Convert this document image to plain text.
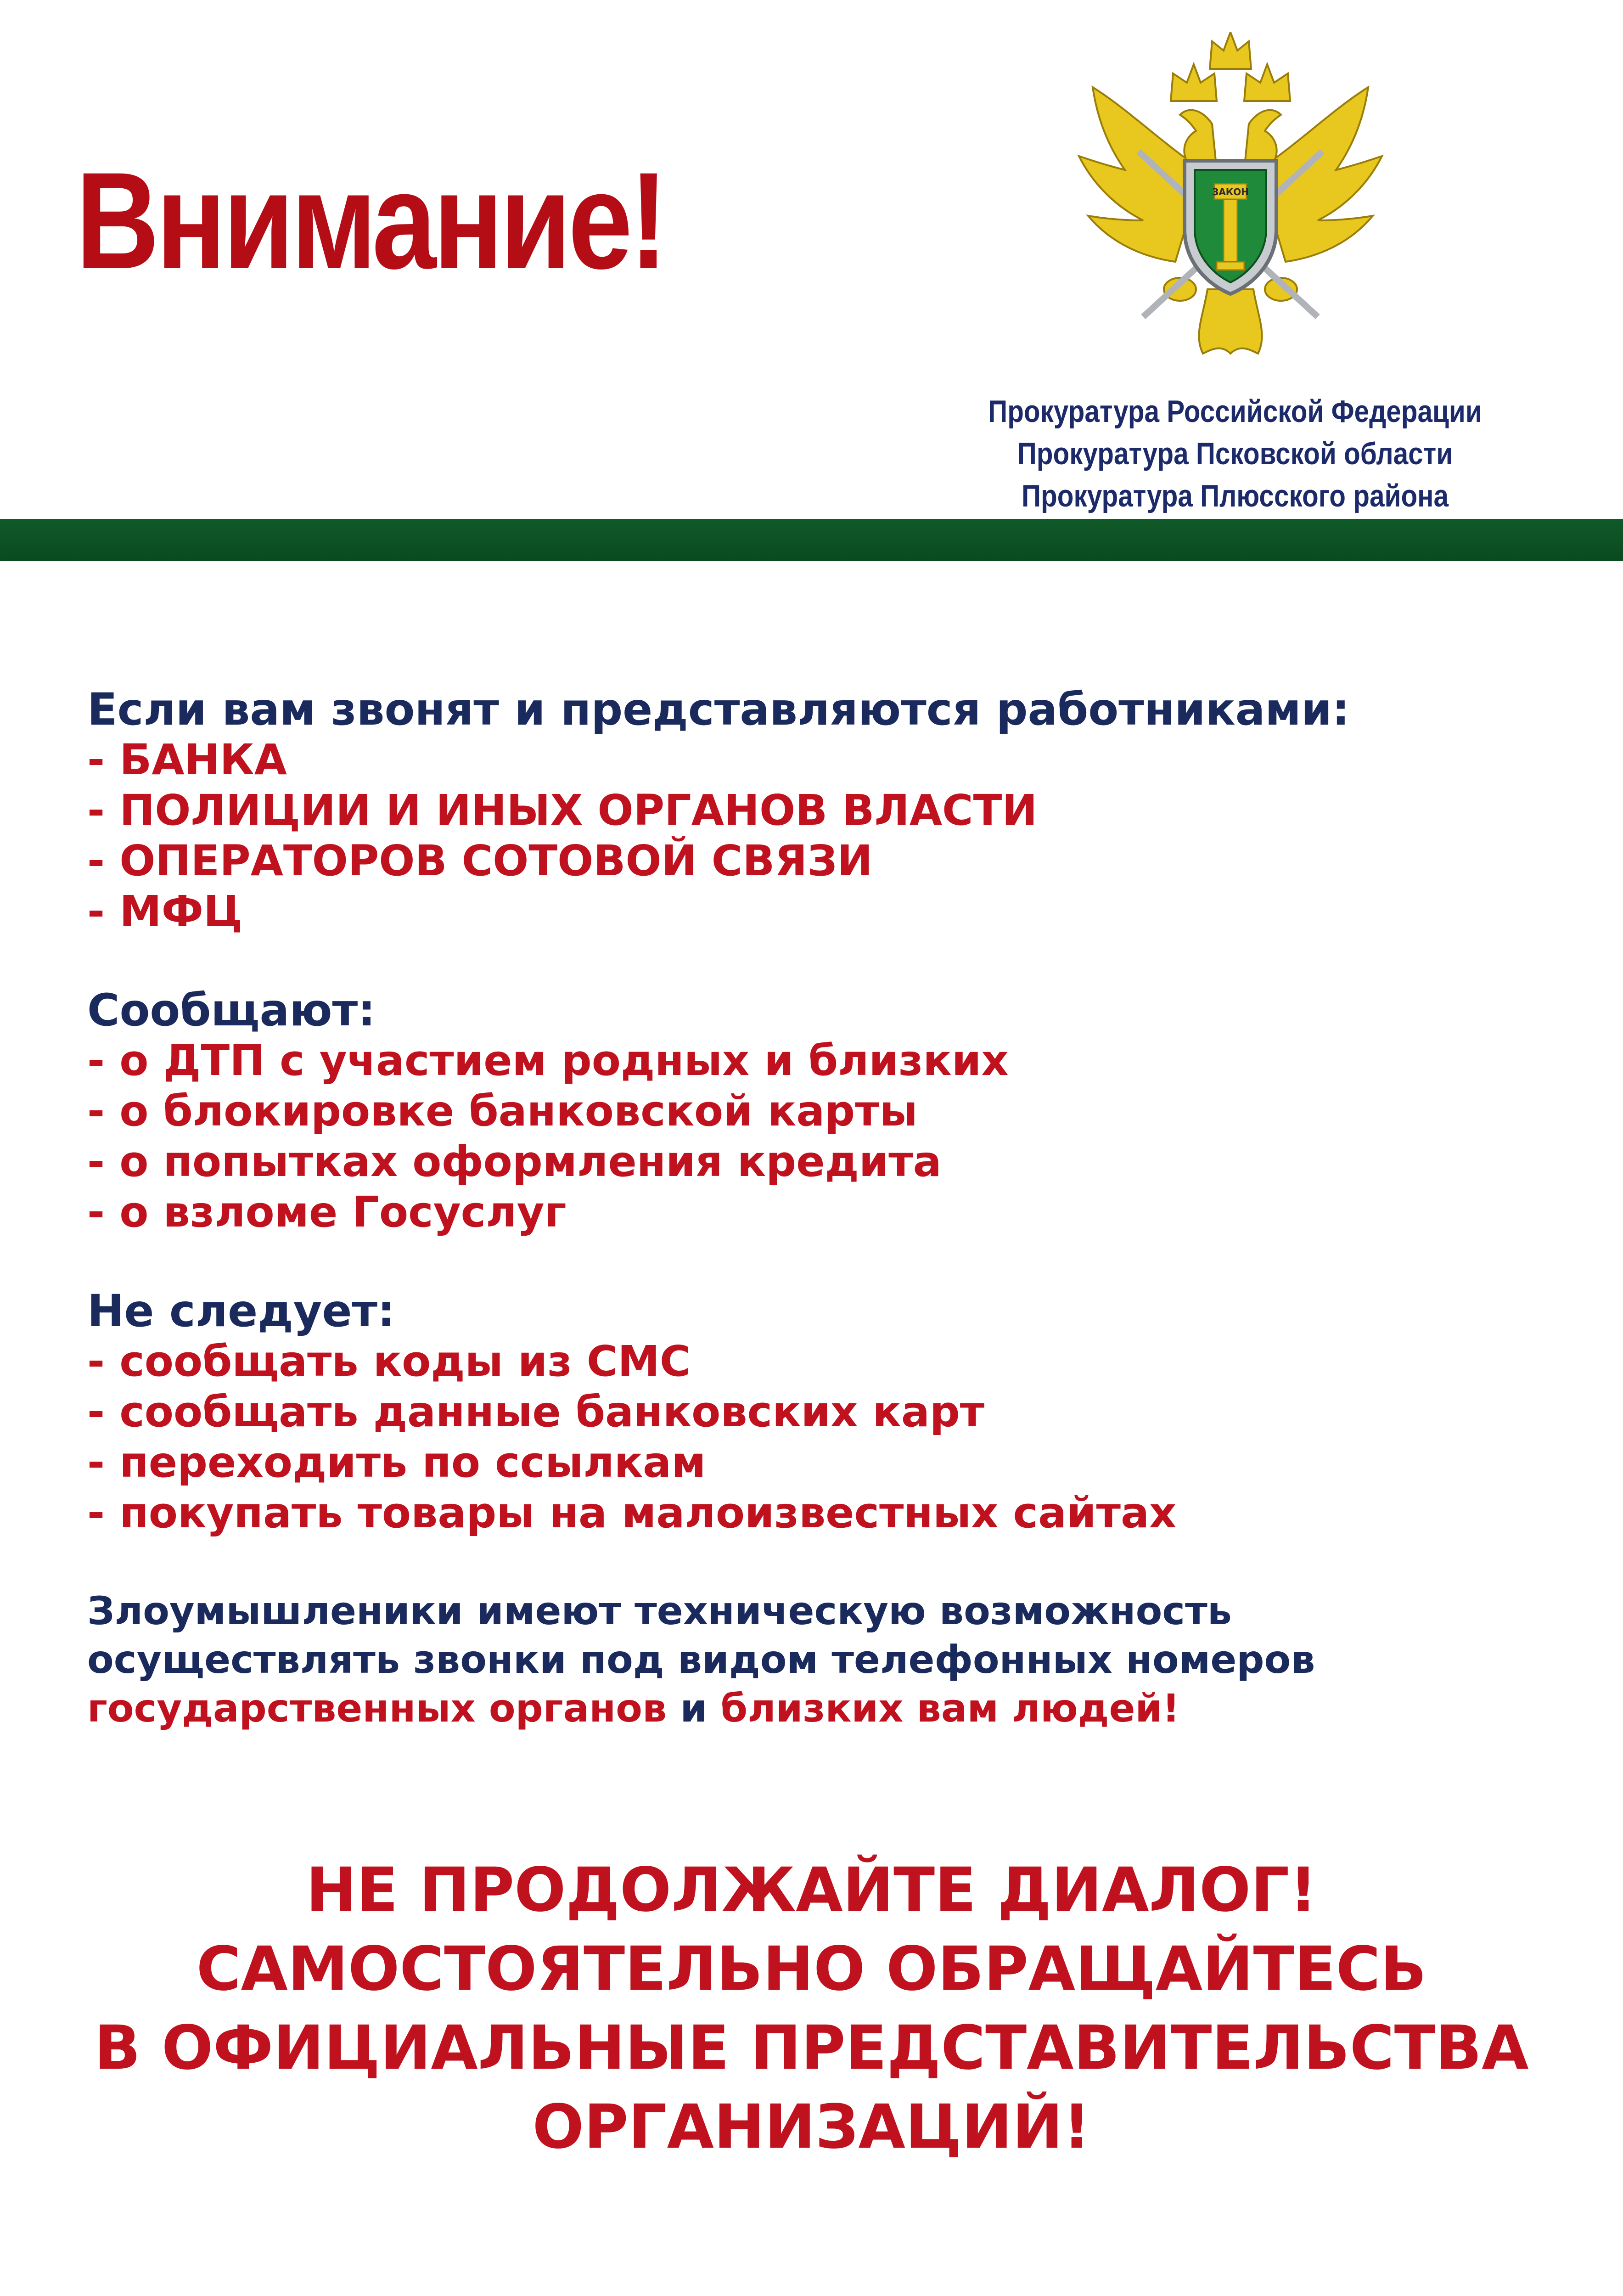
Внимание!	ЗАКОН
Прокуратура Российской Федерации
Прокуратура Псковской области
Прокуратура Плюсского района
Если вам звонят и представляются работниками:
- БАНКА
- ПОЛИЦИИ И ИНЫХ ОРГАНОВ ВЛАСТИ
- ОПЕРАТОРОВ СОТОВОЙ СВЯЗИ
- МФЦ
Сообщают:
- о ДТП с участием родных и близких
- о блокировке банковской карты
- о попытках оформления кредита
- о взломе Госуслуг
Не следует:
- сообщать коды из СМС
- сообщать данные банковских карт
- переходить по ссылкам
- покупать товары на малоизвестных сайтах
Злоумышленики имеют техническую возможность
осуществлять звонки под видом телефонных номеров
государственных органов и близких вам людей!
НЕ ПРОДОЛЖАЙТЕ ДИАЛОГ!
САМОСТОЯТЕЛЬНО ОБРАЩАЙТЕСЬ
В ОФИЦИАЛЬНЫЕ ПРЕДСТАВИТЕЛЬСТВА
ОРГАНИЗАЦИЙ!
